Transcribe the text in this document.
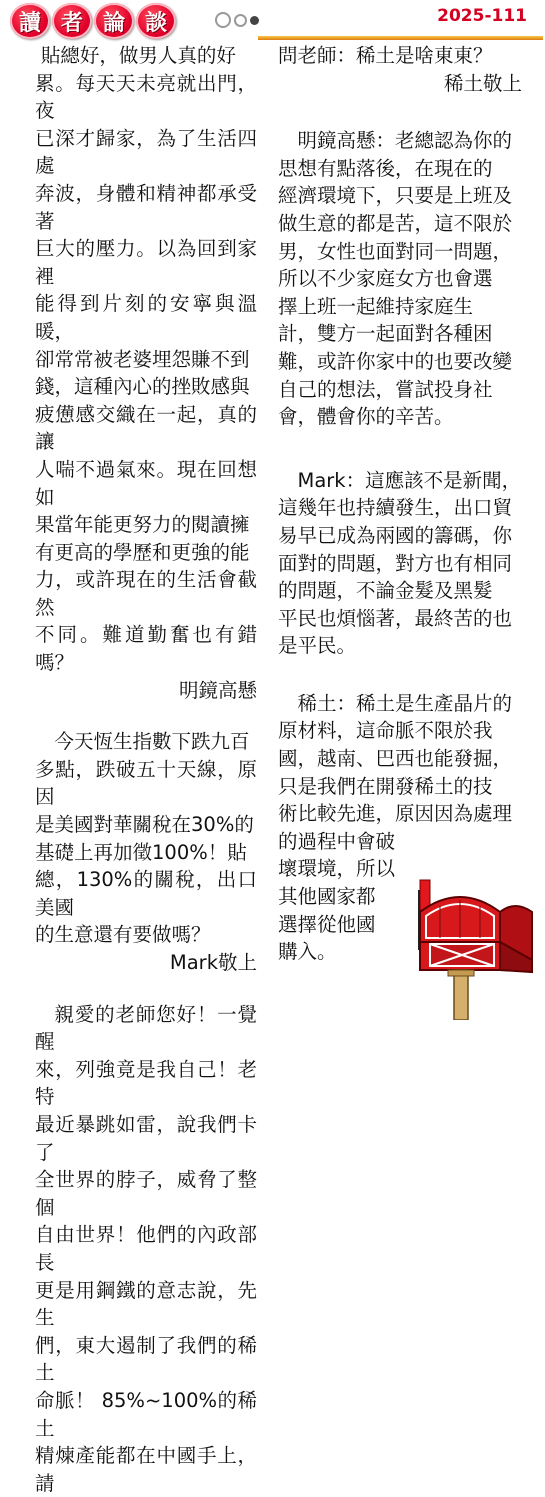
讀 者 論 談	2025-111

貼總好，做男人真的好

累。每天天未亮就出門，夜

已深才歸家，為了生活四處

奔波，身體和精神都承受著

巨大的壓力。以為回到家裡

能得到片刻的安寧與溫暖，

卻常常被老婆埋怨賺不到

錢，這種內心的挫敗感與

疲憊感交織在一起，真的讓

人喘不過氣來。現在回想如

果當年能更努力的閱讀擁

有更高的學歷和更強的能

力，或許現在的生活會截然

不同。難道勤奮也有錯嗎？

明鏡高懸

今天恆生指數下跌九百

多點，跌破五十天線，原因

是美國對華關稅在30%的

基礎上再加徵100%！貼

總，130%的關稅，出口美國

的生意還有要做嗎？

Mark敬上

親愛的老師您好！一覺醒

來，列強竟是我自己！老特

最近暴跳如雷，說我們卡了

全世界的脖子，威脅了整個

自由世界！他們的內政部長

更是用鋼鐵的意志說，先生

們，東大遏制了我們的稀土

命脈！ 85%~100%的稀土

精煉產能都在中國手上，請

問老師：稀土是啥東東？

稀土敬上

明鏡高懸：老總認為你的

思想有點落後，在現在的

經濟環境下，只要是上班及

做生意的都是苦，這不限於

男，女性也面對同一問題，

所以不少家庭女方也會選

擇上班一起維持家庭生

計，雙方一起面對各種困

難，或許你家中的也要改變

自己的想法，嘗試投身社

會，體會你的辛苦。

Mark：這應該不是新聞，

這幾年也持續發生，出口貿

易早已成為兩國的籌碼，你

面對的問題，對方也有相同

的問題，不論金髮及黑髮

平民也煩惱著，最終苦的也

是平民。

稀土：稀土是生產晶片的

原材料，這命脈不限於我

國，越南、巴西也能發掘，

只是我們在開發稀土的技

術比較先進，原因因為處理

的過程中會破

壞環境，所以

其他國家都

選擇從他國

購入。
